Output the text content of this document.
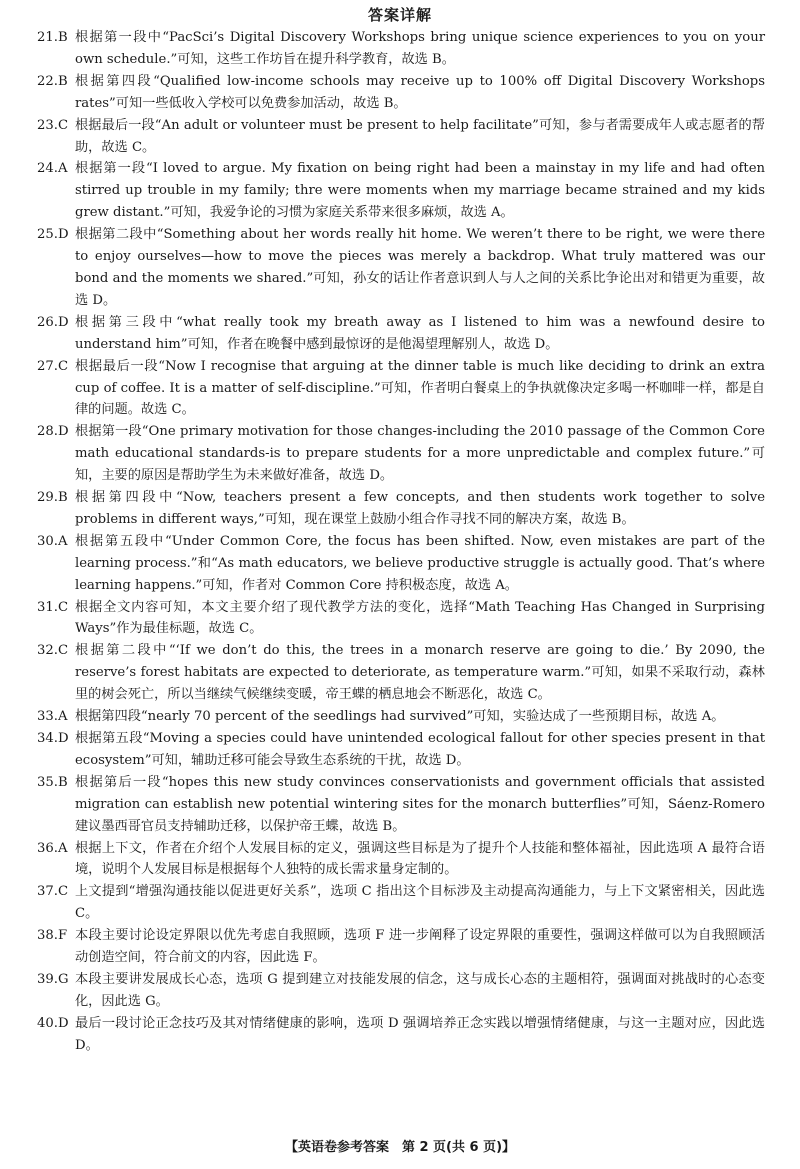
答案详解
21.B 根据第一段中“PacSci’s Digital Discovery Workshops bring unique science experiences to you on your own schedule.”可知，这些工作坊旨在提升科学教育，故选 B。
22.B 根据第四段“Qualified low-income schools may receive up to 100% off Digital Discovery Workshops rates”可知一些低收入学校可以免费参加活动，故选 B。
23.C 根据最后一段“An adult or volunteer must be present to help facilitate”可知，参与者需要成年人或志愿者的帮助，故选 C。
24.A 根据第一段“I loved to argue. My fixation on being right had been a mainstay in my life and had often stirred up trouble in my family; thre were moments when my marriage became strained and my kids grew distant.”可知，我爱争论的习惯为家庭关系带来很多麻烦，故选 A。
25.D 根据第二段中“Something about her words really hit home. We weren’t there to be right, we were there to enjoy ourselves—how to move the pieces was merely a backdrop. What truly mattered was our bond and the moments we shared.”可知，孙女的话让作者意识到人与人之间的关系比争论出对和错更为重要，故选 D。
26.D 根据第三段中“what really took my breath away as I listened to him was a newfound desire to understand him”可知，作者在晚餐中感到最惊讶的是他渴望理解别人，故选 D。
27.C 根据最后一段“Now I recognise that arguing at the dinner table is much like deciding to drink an extra cup of coffee. It is a matter of self-discipline.”可知，作者明白餐桌上的争执就像决定多喝一杯咖啡一样，都是自律的问题。故选 C。
28.D 根据第一段“One primary motivation for those changes-including the 2010 passage of the Common Core math educational standards-is to prepare students for a more unpredictable and complex future.”可知，主要的原因是帮助学生为未来做好准备，故选 D。
29.B 根据第四段中“Now, teachers present a few concepts, and then students work together to solve problems in different ways,”可知，现在课堂上鼓励小组合作寻找不同的解决方案，故选 B。
30.A 根据第五段中“Under Common Core, the focus has been shifted. Now, even mistakes are part of the learning process.”和“As math educators, we believe productive struggle is actually good. That’s where learning happens.”可知，作者对 Common Core 持积极态度，故选 A。
31.C 根据全文内容可知，本文主要介绍了现代教学方法的变化，选择“Math Teaching Has Changed in Surprising Ways”作为最佳标题，故选 C。
32.C 根据第二段中“‘If we don’t do this, the trees in a monarch reserve are going to die.’ By 2090, the reserve’s forest habitats are expected to deteriorate, as temperature warm.”可知，如果不采取行动，森林里的树会死亡，所以当继续气候继续变暖，帝王蝶的栖息地会不断恶化，故选 C。
33.A 根据第四段“nearly 70 percent of the seedlings had survived”可知，实验达成了一些预期目标，故选 A。
34.D 根据第五段“Moving a species could have unintended ecological fallout for other species present in that ecosystem”可知，辅助迁移可能会导致生态系统的干扰，故选 D。
35.B 根据第后一段“hopes this new study convinces conservationists and government officials that assisted migration can establish new potential wintering sites for the monarch butterflies”可知，Sáenz-Romero 建议墨西哥官员支持辅助迁移，以保护帝王蝶，故选 B。
36.A 根据上下文，作者在介绍个人发展目标的定义，强调这些目标是为了提升个人技能和整体福祉，因此选项 A 最符合语境，说明个人发展目标是根据每个人独特的成长需求量身定制的。
37.C 上文提到“增强沟通技能以促进更好关系”，选项 C 指出这个目标涉及主动提高沟通能力，与上下文紧密相关，因此选 C。
38.F 本段主要讨论设定界限以优先考虑自我照顾，选项 F 进一步阐释了设定界限的重要性，强调这样做可以为自我照顾活动创造空间，符合前文的内容，因此选 F。
39.G 本段主要讲发展成长心态，选项 G 提到建立对技能发展的信念，这与成长心态的主题相符，强调面对挑战时的心态变化，因此选 G。
40.D 最后一段讨论正念技巧及其对情绪健康的影响，选项 D 强调培养正念实践以增强情绪健康，与这一主题对应，因此选 D。
【英语卷参考答案　第 2 页(共 6 页)】
